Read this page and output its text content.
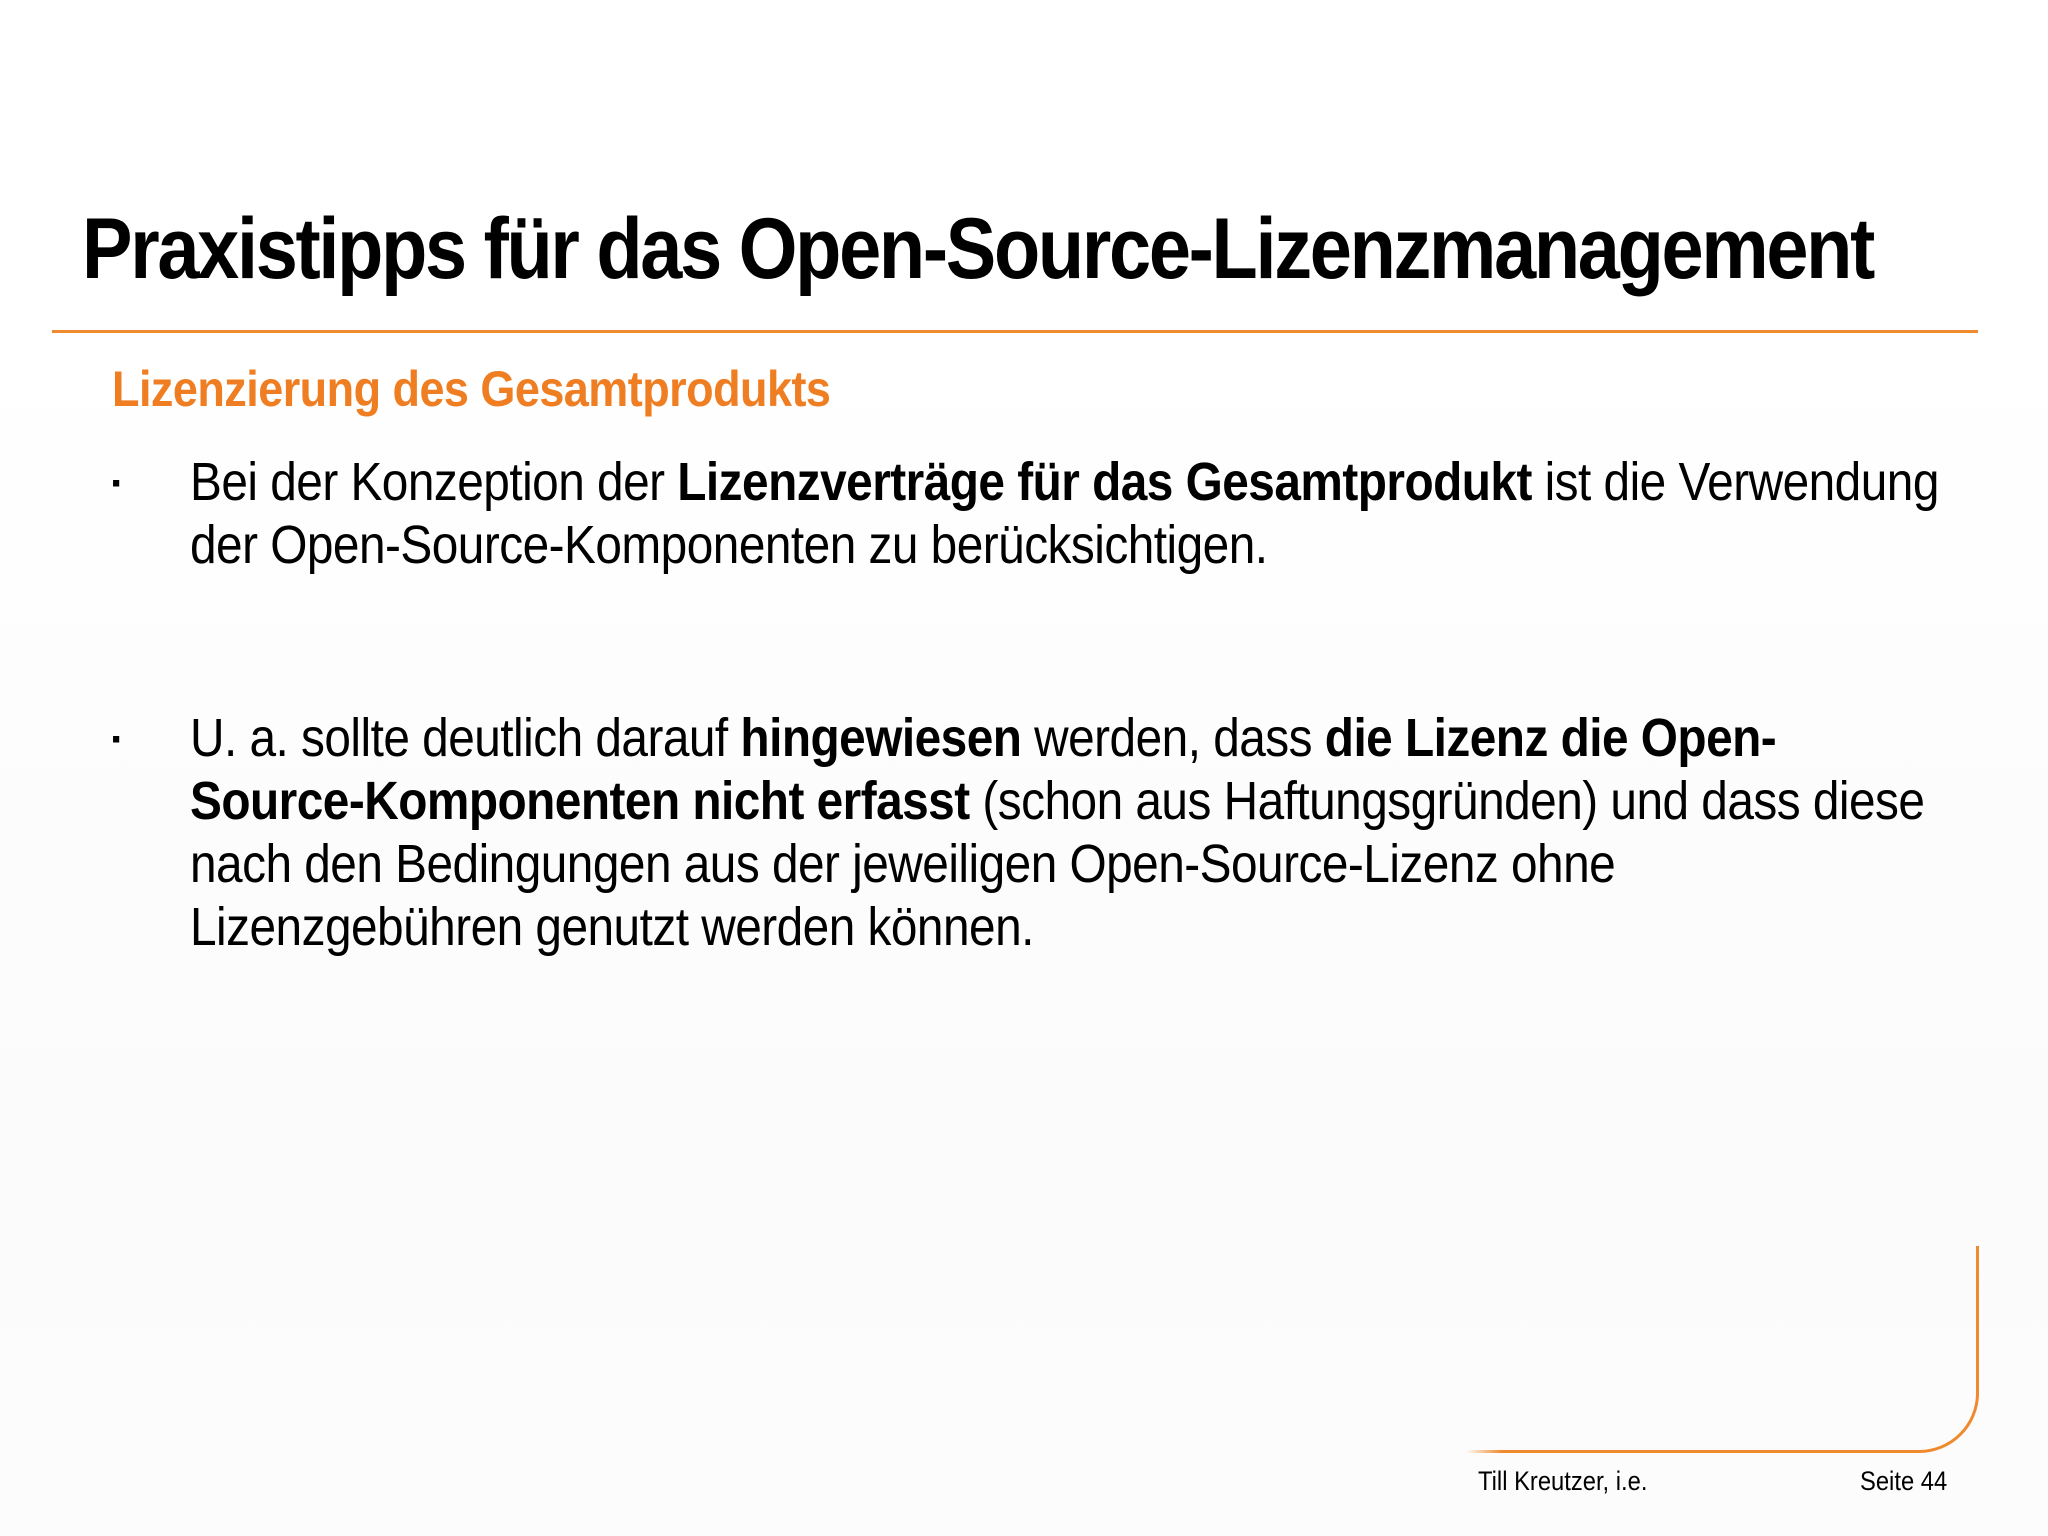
Praxistipps für das Open-Source-Lizenzmanagement
Lizenzierung des Gesamtprodukts
· Bei der Konzeption der Lizenzverträge für das Gesamtprodukt ist die Verwendung der Open-Source-Komponenten zu berücksichtigen.
· U. a. sollte deutlich darauf hingewiesen werden, dass die Lizenz die Open-Source-Komponenten nicht erfasst (schon aus Haftungsgründen) und dass diese nach den Bedingungen aus der jeweiligen Open-Source-Lizenz ohne Lizenzgebühren genutzt werden können.
Till Kreutzer, i.e.	Seite 44
